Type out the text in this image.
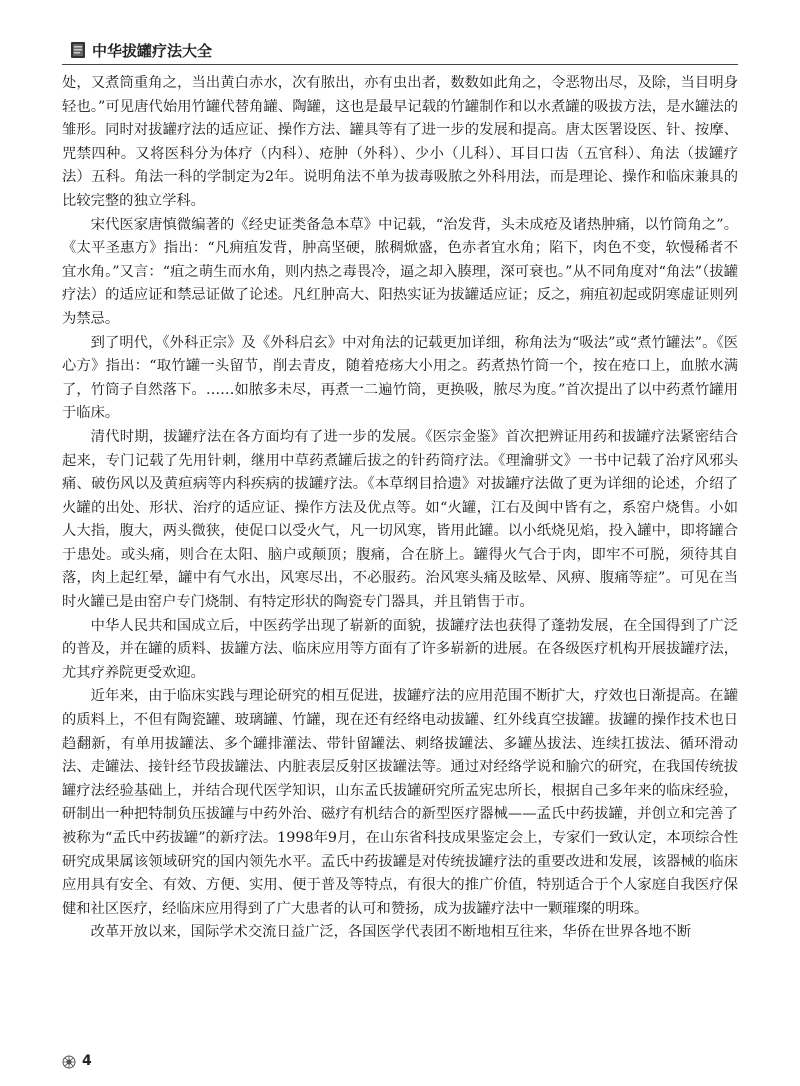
中华拔罐疗法大全

处，又煮筒重角之，当出黄白赤水，次有脓出，亦有虫出者，数数如此角之，令恶物出尽，及除，当目明身轻也。”可见唐代始用竹罐代替角罐、陶罐，这也是最早记载的竹罐制作和以水煮罐的吸拔方法，是水罐法的雏形。同时对拔罐疗法的适应证、操作方法、罐具等有了进一步的发展和提高。唐太医署设医、针、按摩、咒禁四种。又将医科分为体疗（内科）、疮肿（外科）、少小（儿科）、耳目口齿（五官科）、角法（拔罐疗法）五科。角法一科的学制定为2年。说明角法不单为拔毒吸脓之外科用法，而是理论、操作和临床兼具的比较完整的独立学科。

宋代医家唐慎微编著的《经史证类备急本草》中记载，“治发背，头未成疮及诸热肿痛，以竹筒角之”。《太平圣惠方》指出：“凡痈疽发背，肿高坚硬，脓稠焮盛，色赤者宜水角；陷下，肉色不变，软慢稀者不宜水角。”又言：“疽之萌生而水角，则内热之毒畏冷，逼之却入腠理，深可衰也。”从不同角度对“角法”（拔罐疗法）的适应证和禁忌证做了论述。凡红肿高大、阳热实证为拔罐适应证；反之，痈疽初起或阴寒虚证则列为禁忌。

到了明代，《外科正宗》及《外科启玄》中对角法的记载更加详细，称角法为“吸法”或“煮竹罐法”。《医心方》指出：“取竹罐一头留节，削去青皮，随着疮疡大小用之。药煮热竹筒一个，按在疮口上，血脓水满了，竹筒子自然落下。……如脓多未尽，再煮一二遍竹筒，更换吸，脓尽为度。”首次提出了以中药煮竹罐用于临床。

清代时期，拔罐疗法在各方面均有了进一步的发展。《医宗金鉴》首次把辨证用药和拔罐疗法紧密结合起来，专门记载了先用针刺，继用中草药煮罐后拔之的针药筒疗法。《理瀹骈文》一书中记载了治疗风邪头痛、破伤风以及黄疸病等内科疾病的拔罐疗法。《本草纲目拾遗》对拔罐疗法做了更为详细的论述，介绍了火罐的出处、形状、治疗的适应证、操作方法及优点等。如“火罐，江右及闽中皆有之，系窑户烧售。小如人大指，腹大，两头微狭，使促口以受火气，凡一切风寒，皆用此罐。以小纸烧见焰，投入罐中，即将罐合于患处。或头痛，则合在太阳、脑户或颠顶；腹痛，合在脐上。罐得火气合于肉，即牢不可脱，须待其自落，肉上起红晕，罐中有气水出，风寒尽出，不必服药。治风寒头痛及眩晕、风痹、腹痛等症”。可见在当时火罐已是由窑户专门烧制、有特定形状的陶瓷专门器具，并且销售于市。

中华人民共和国成立后，中医药学出现了崭新的面貌，拔罐疗法也获得了蓬勃发展，在全国得到了广泛的普及，并在罐的质料、拔罐方法、临床应用等方面有了许多崭新的进展。在各级医疗机构开展拔罐疗法，尤其疗养院更受欢迎。

近年来，由于临床实践与理论研究的相互促进，拔罐疗法的应用范围不断扩大，疗效也日渐提高。在罐的质料上，不但有陶瓷罐、玻璃罐、竹罐，现在还有经络电动拔罐、红外线真空拔罐。拔罐的操作技术也日趋翻新，有单用拔罐法、多个罐排灌法、带针留罐法、刺络拔罐法、多罐丛拔法、连续扛拔法、循环滑动法、走罐法、接针经节段拔罐法、内脏表层反射区拔罐法等。通过对经络学说和腧穴的研究，在我国传统拔罐疗法经验基础上，并结合现代医学知识，山东孟氏拔罐研究所孟宪忠所长，根据自己多年来的临床经验，研制出一种把特制负压拔罐与中药外治、磁疗有机结合的新型医疗器械——孟氏中药拔罐，并创立和完善了被称为“孟氏中药拔罐”的新疗法。1998年9月，在山东省科技成果鉴定会上，专家们一致认定，本项综合性研究成果属该领域研究的国内领先水平。孟氏中药拔罐是对传统拔罐疗法的重要改进和发展，该器械的临床应用具有安全、有效、方便、实用、便于普及等特点，有很大的推广价值，特别适合于个人家庭自我医疗保健和社区医疗，经临床应用得到了广大患者的认可和赞扬，成为拔罐疗法中一颗璀璨的明珠。

改革开放以来，国际学术交流日益广泛，各国医学代表团不断地相互往来，华侨在世界各地不断

4
